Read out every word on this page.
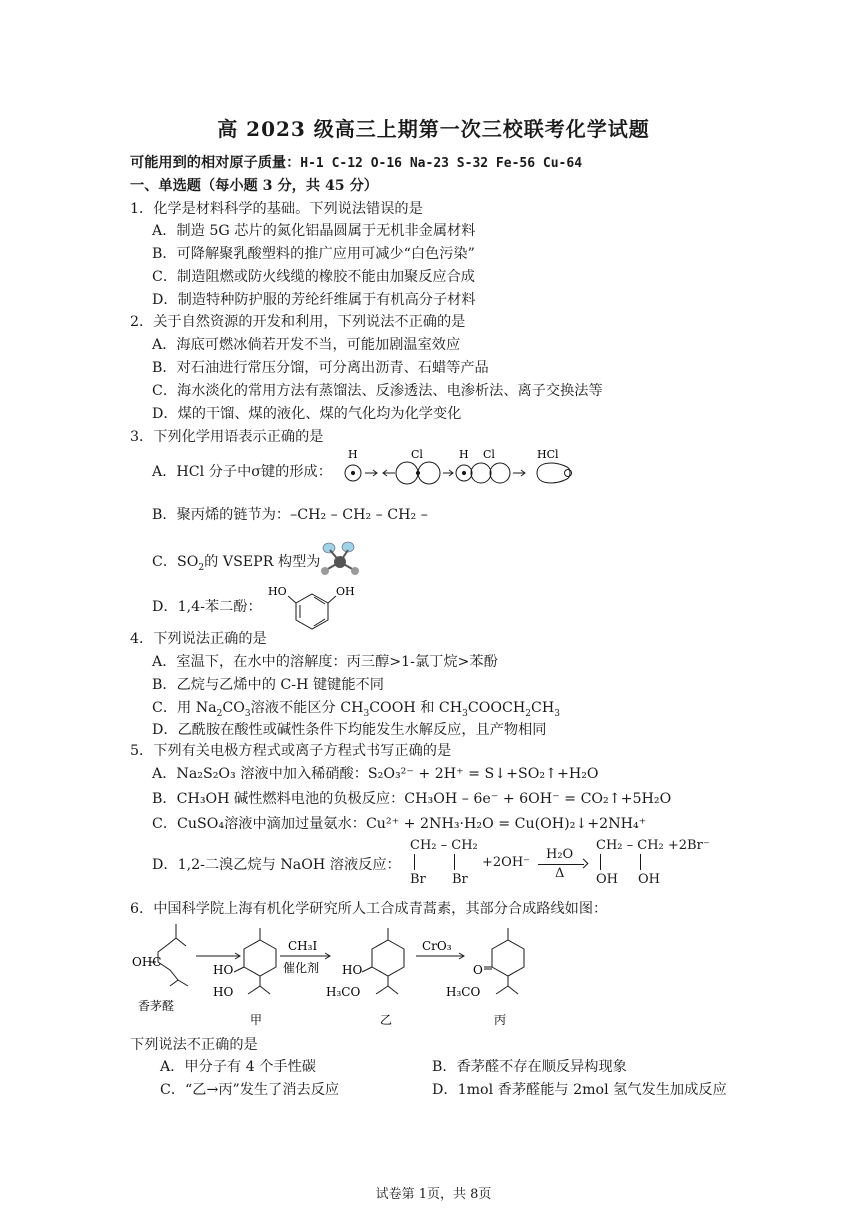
高 2023 级高三上期第一次三校联考化学试题
可能用到的相对原子质量：H-1 C-12 O-16 Na-23 S-32 Fe-56 Cu-64
一、单选题（每小题 3 分，共 45 分）
1．化学是材料科学的基础。下列说法错误的是
A．制造 5G 芯片的氮化铝晶圆属于无机非金属材料
B．可降解聚乳酸塑料的推广应用可减少“白色污染”
C．制造阻燃或防火线缆的橡胶不能由加聚反应合成
D．制造特种防护服的芳纶纤维属于有机高分子材料
2．关于自然资源的开发和利用，下列说法不正确的是
A．海底可燃冰倘若开发不当，可能加剧温室效应
B．对石油进行常压分馏，可分离出沥青、石蜡等产品
C．海水淡化的常用方法有蒸馏法、反渗透法、电渗析法、离子交换法等
D．煤的干馏、煤的液化、煤的气化均为化学变化
3．下列化学用语表示正确的是
A．HCl 分子中σ键的形成：
H	Cl	H Cl	HCl
B．聚丙烯的链节为：–CH₂ – CH₂ – CH₂ –
C．$SO_2$的 VSEPR 构型为
D．1,4-苯二酚：
HO	OH
4．下列说法正确的是
A．室温下，在水中的溶解度：丙三醇>1-氯丁烷>苯酚
B．乙烷与乙烯中的 C-H 键键能不同
C．用 $Na_2CO_3$溶液不能区分 $CH_3COOH$ 和 $CH_3COOCH_2CH_3$
D．乙酰胺在酸性或碱性条件下均能发生水解反应，且产物相同
5．下列有关电极方程式或离子方程式书写正确的是
A．Na₂S₂O₃ 溶液中加入稀硝酸：S₂O₃²⁻ + 2H⁺ = S↓+SO₂↑+H₂O
B．CH₃OH 碱性燃料电池的负极反应：CH₃OH – 6e⁻ + 6OH⁻ = CO₂↑+5H₂O
C．CuSO₄溶液中滴加过量氨水：Cu²⁺ + 2NH₃·H₂O = Cu(OH)₂↓+2NH₄⁺
D．1,2-二溴乙烷与 NaOH 溶液反应：
CH₂ – CH₂
Br Br
+2OH⁻
H₂O
Δ
CH₂ – CH₂ +2Br⁻
OH OH
6．中国科学院上海有机化学研究所人工合成青蒿素，其部分合成路线如图：
OHC
香茅醛
HO
HO
甲
CH₃I
催化剂 HO
H₃CO
乙
CrO₃
O
H₃CO
丙
下列说法不正确的是
A．甲分子有 4 个手性碳	B．香茅醛不存在顺反异构现象
C．“乙→丙”发生了消去反应	D．1mol 香茅醛能与 2mol 氢气发生加成反应
试卷第 1页，共 8页
